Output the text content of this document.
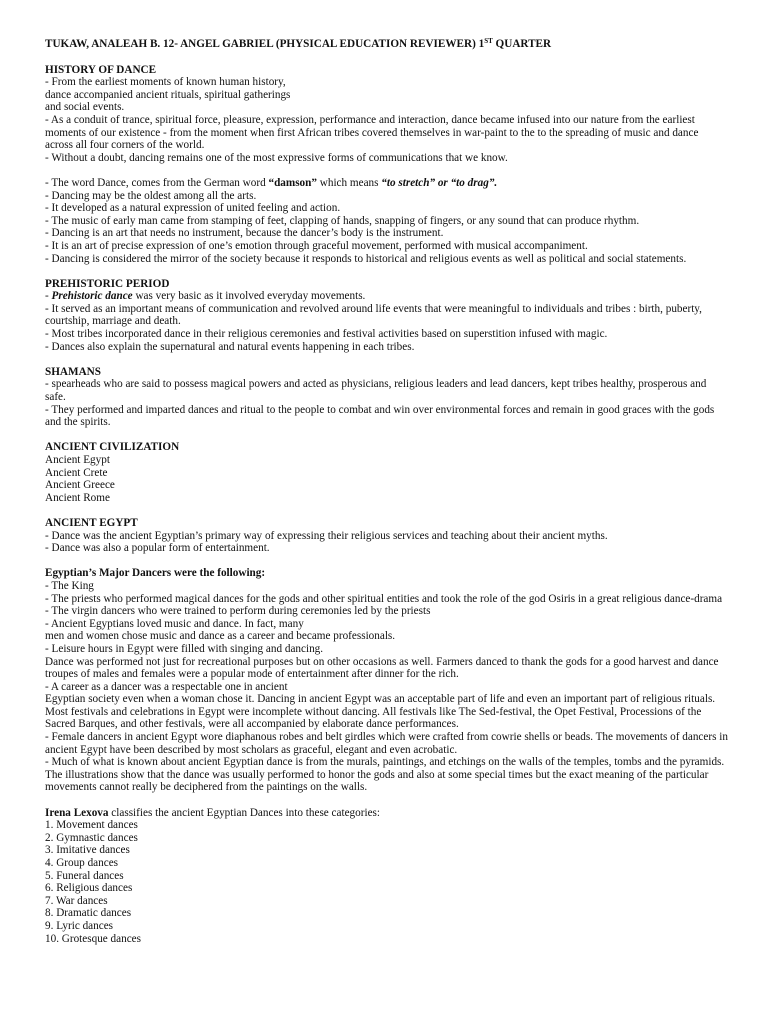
TUKAW, ANALEAH B. 12- ANGEL GABRIEL (PHYSICAL EDUCATION REVIEWER) 1ST QUARTER
HISTORY OF DANCE
- From the earliest moments of known human history,
dance accompanied ancient rituals, spiritual gatherings
and social events.
- As a conduit of trance, spiritual force, pleasure, expression, performance and interaction, dance became infused into our nature from the earliest moments of our existence - from the moment when first African tribes covered themselves in war-paint to the to the spreading of music and dance across all four corners of the world.
- Without a doubt, dancing remains one of the most expressive forms of communications that we know.
- The word Dance, comes from the German word “damson” which means “to stretch” or “to drag”.
- Dancing may be the oldest among all the arts.
- It developed as a natural expression of united feeling and action.
- The music of early man came from stamping of feet, clapping of hands, snapping of fingers, or any sound that can produce rhythm.
- Dancing is an art that needs no instrument, because the dancer’s body is the instrument.
- It is an art of precise expression of one’s emotion through graceful movement, performed with musical accompaniment.
- Dancing is considered the mirror of the society because it responds to historical and religious events as well as political and social statements.
PREHISTORIC PERIOD
- Prehistoric dance was very basic as it involved everyday movements.
- It served as an important means of communication and revolved around life events that were meaningful to individuals and tribes : birth, puberty, courtship, marriage and death.
- Most tribes incorporated dance in their religious ceremonies and festival activities based on superstition infused with magic.
- Dances also explain the supernatural and natural events happening in each tribes.
SHAMANS
- spearheads who are said to possess magical powers and acted as physicians, religious leaders and lead dancers, kept tribes healthy, prosperous and safe.
- They performed and imparted dances and ritual to the people to combat and win over environmental forces and remain in good graces with the gods and the spirits.
ANCIENT CIVILIZATION
Ancient Egypt
Ancient Crete
Ancient Greece
Ancient Rome
ANCIENT EGYPT
- Dance was the ancient Egyptian’s primary way of expressing their religious services and teaching about their ancient myths.
- Dance was also a popular form of entertainment.
Egyptian’s Major Dancers were the following:
- The King
- The priests who performed magical dances for the gods and other spiritual entities and took the role of the god Osiris in a great religious dance-drama
- The virgin dancers who were trained to perform during ceremonies led by the priests
- Ancient Egyptians loved music and dance. In fact, many
men and women chose music and dance as a career and became professionals.
- Leisure hours in Egypt were filled with singing and dancing.
Dance was performed not just for recreational purposes but on other occasions as well. Farmers danced to thank the gods for a good harvest and dance troupes of males and females were a popular mode of entertainment after dinner for the rich.
- A career as a dancer was a respectable one in ancient
Egyptian society even when a woman chose it. Dancing in ancient Egypt was an acceptable part of life and even an important part of religious rituals. Most festivals and celebrations in Egypt were incomplete without dancing. All festivals like The Sed-festival, the Opet Festival, Processions of the Sacred Barques, and other festivals, were all accompanied by elaborate dance performances.
- Female dancers in ancient Egypt wore diaphanous robes and belt girdles which were crafted from cowrie shells or beads. The movements of dancers in ancient Egypt have been described by most scholars as graceful, elegant and even acrobatic.
- Much of what is known about ancient Egyptian dance is from the murals, paintings, and etchings on the walls of the temples, tombs and the pyramids. The illustrations show that the dance was usually performed to honor the gods and also at some special times but the exact meaning of the particular movements cannot really be deciphered from the paintings on the walls.
Irena Lexova classifies the ancient Egyptian Dances into these categories:
1. Movement dances
2. Gymnastic dances
3. Imitative dances
4. Group dances
5. Funeral dances
6. Religious dances
7. War dances
8. Dramatic dances
9. Lyric dances
10. Grotesque dances
